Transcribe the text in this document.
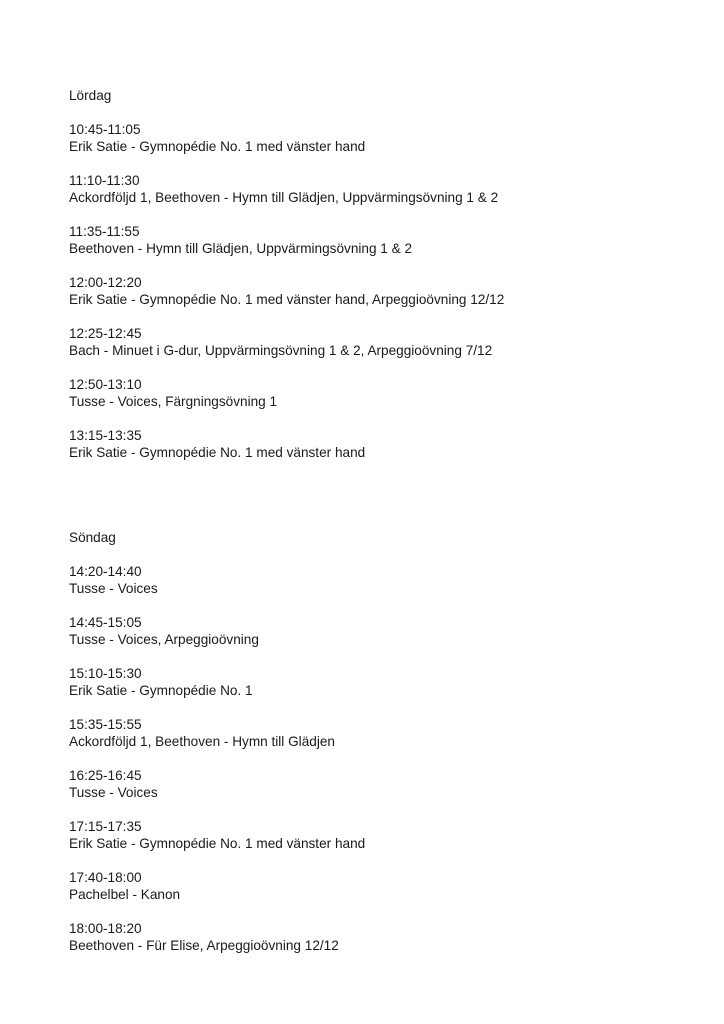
Lördag
10:45-11:05
Erik Satie - Gymnopédie No. 1 med vänster hand
11:10-11:30
Ackordföljd 1, Beethoven - Hymn till Glädjen, Uppvärmingsövning 1 & 2
11:35-11:55
Beethoven - Hymn till Glädjen, Uppvärmingsövning 1 & 2
12:00-12:20
Erik Satie - Gymnopédie No. 1 med vänster hand, Arpeggioövning 12/12
12:25-12:45
Bach - Minuet i G-dur, Uppvärmingsövning 1 & 2, Arpeggioövning 7/12
12:50-13:10
Tusse - Voices, Färgningsövning 1
13:15-13:35
Erik Satie - Gymnopédie No. 1 med vänster hand
Söndag
14:20-14:40
Tusse - Voices
14:45-15:05
Tusse - Voices, Arpeggioövning
15:10-15:30
Erik Satie - Gymnopédie No. 1
15:35-15:55
Ackordföljd 1, Beethoven - Hymn till Glädjen
16:25-16:45
Tusse - Voices
17:15-17:35
Erik Satie - Gymnopédie No. 1 med vänster hand
17:40-18:00
Pachelbel - Kanon
18:00-18:20
Beethoven - Für Elise, Arpeggioövning 12/12
